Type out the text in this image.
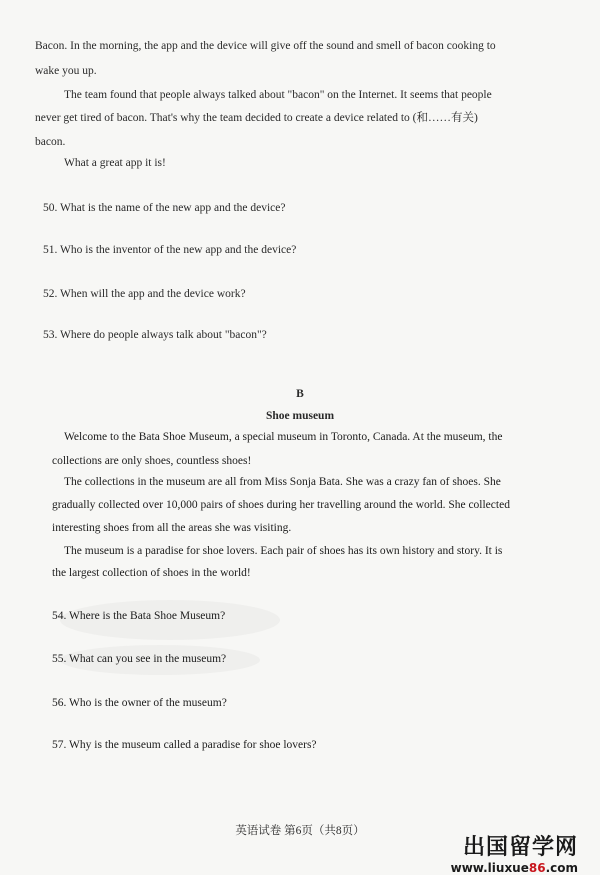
Bacon. In the morning, the app and the device will give off the sound and smell of bacon cooking to
wake you up.
The team found that people always talked about "bacon" on the Internet. It seems that people
never get tired of bacon. That's why the team decided to create a device related to (和……有关)
bacon.
What a great app it is!
50. What is the name of the new app and the device?
51. Who is the inventor of the new app and the device?
52. When will the app and the device work?
53. Where do people always talk about "bacon"?
B
Shoe museum
Welcome to the Bata Shoe Museum, a special museum in Toronto, Canada. At the museum, the
collections are only shoes, countless shoes!
The collections in the museum are all from Miss Sonja Bata. She was a crazy fan of shoes. She
gradually collected over 10,000 pairs of shoes during her travelling around the world. She collected
interesting shoes from all the areas she was visiting.
The museum is a paradise for shoe lovers. Each pair of shoes has its own history and story. It is
the largest collection of shoes in the world!
54. Where is the Bata Shoe Museum?
55. What can you see in the museum?
56. Who is the owner of the museum?
57. Why is the museum called a paradise for shoe lovers?
英语试卷 第6页（共8页）
出国留学网
www.liuxue86.com
